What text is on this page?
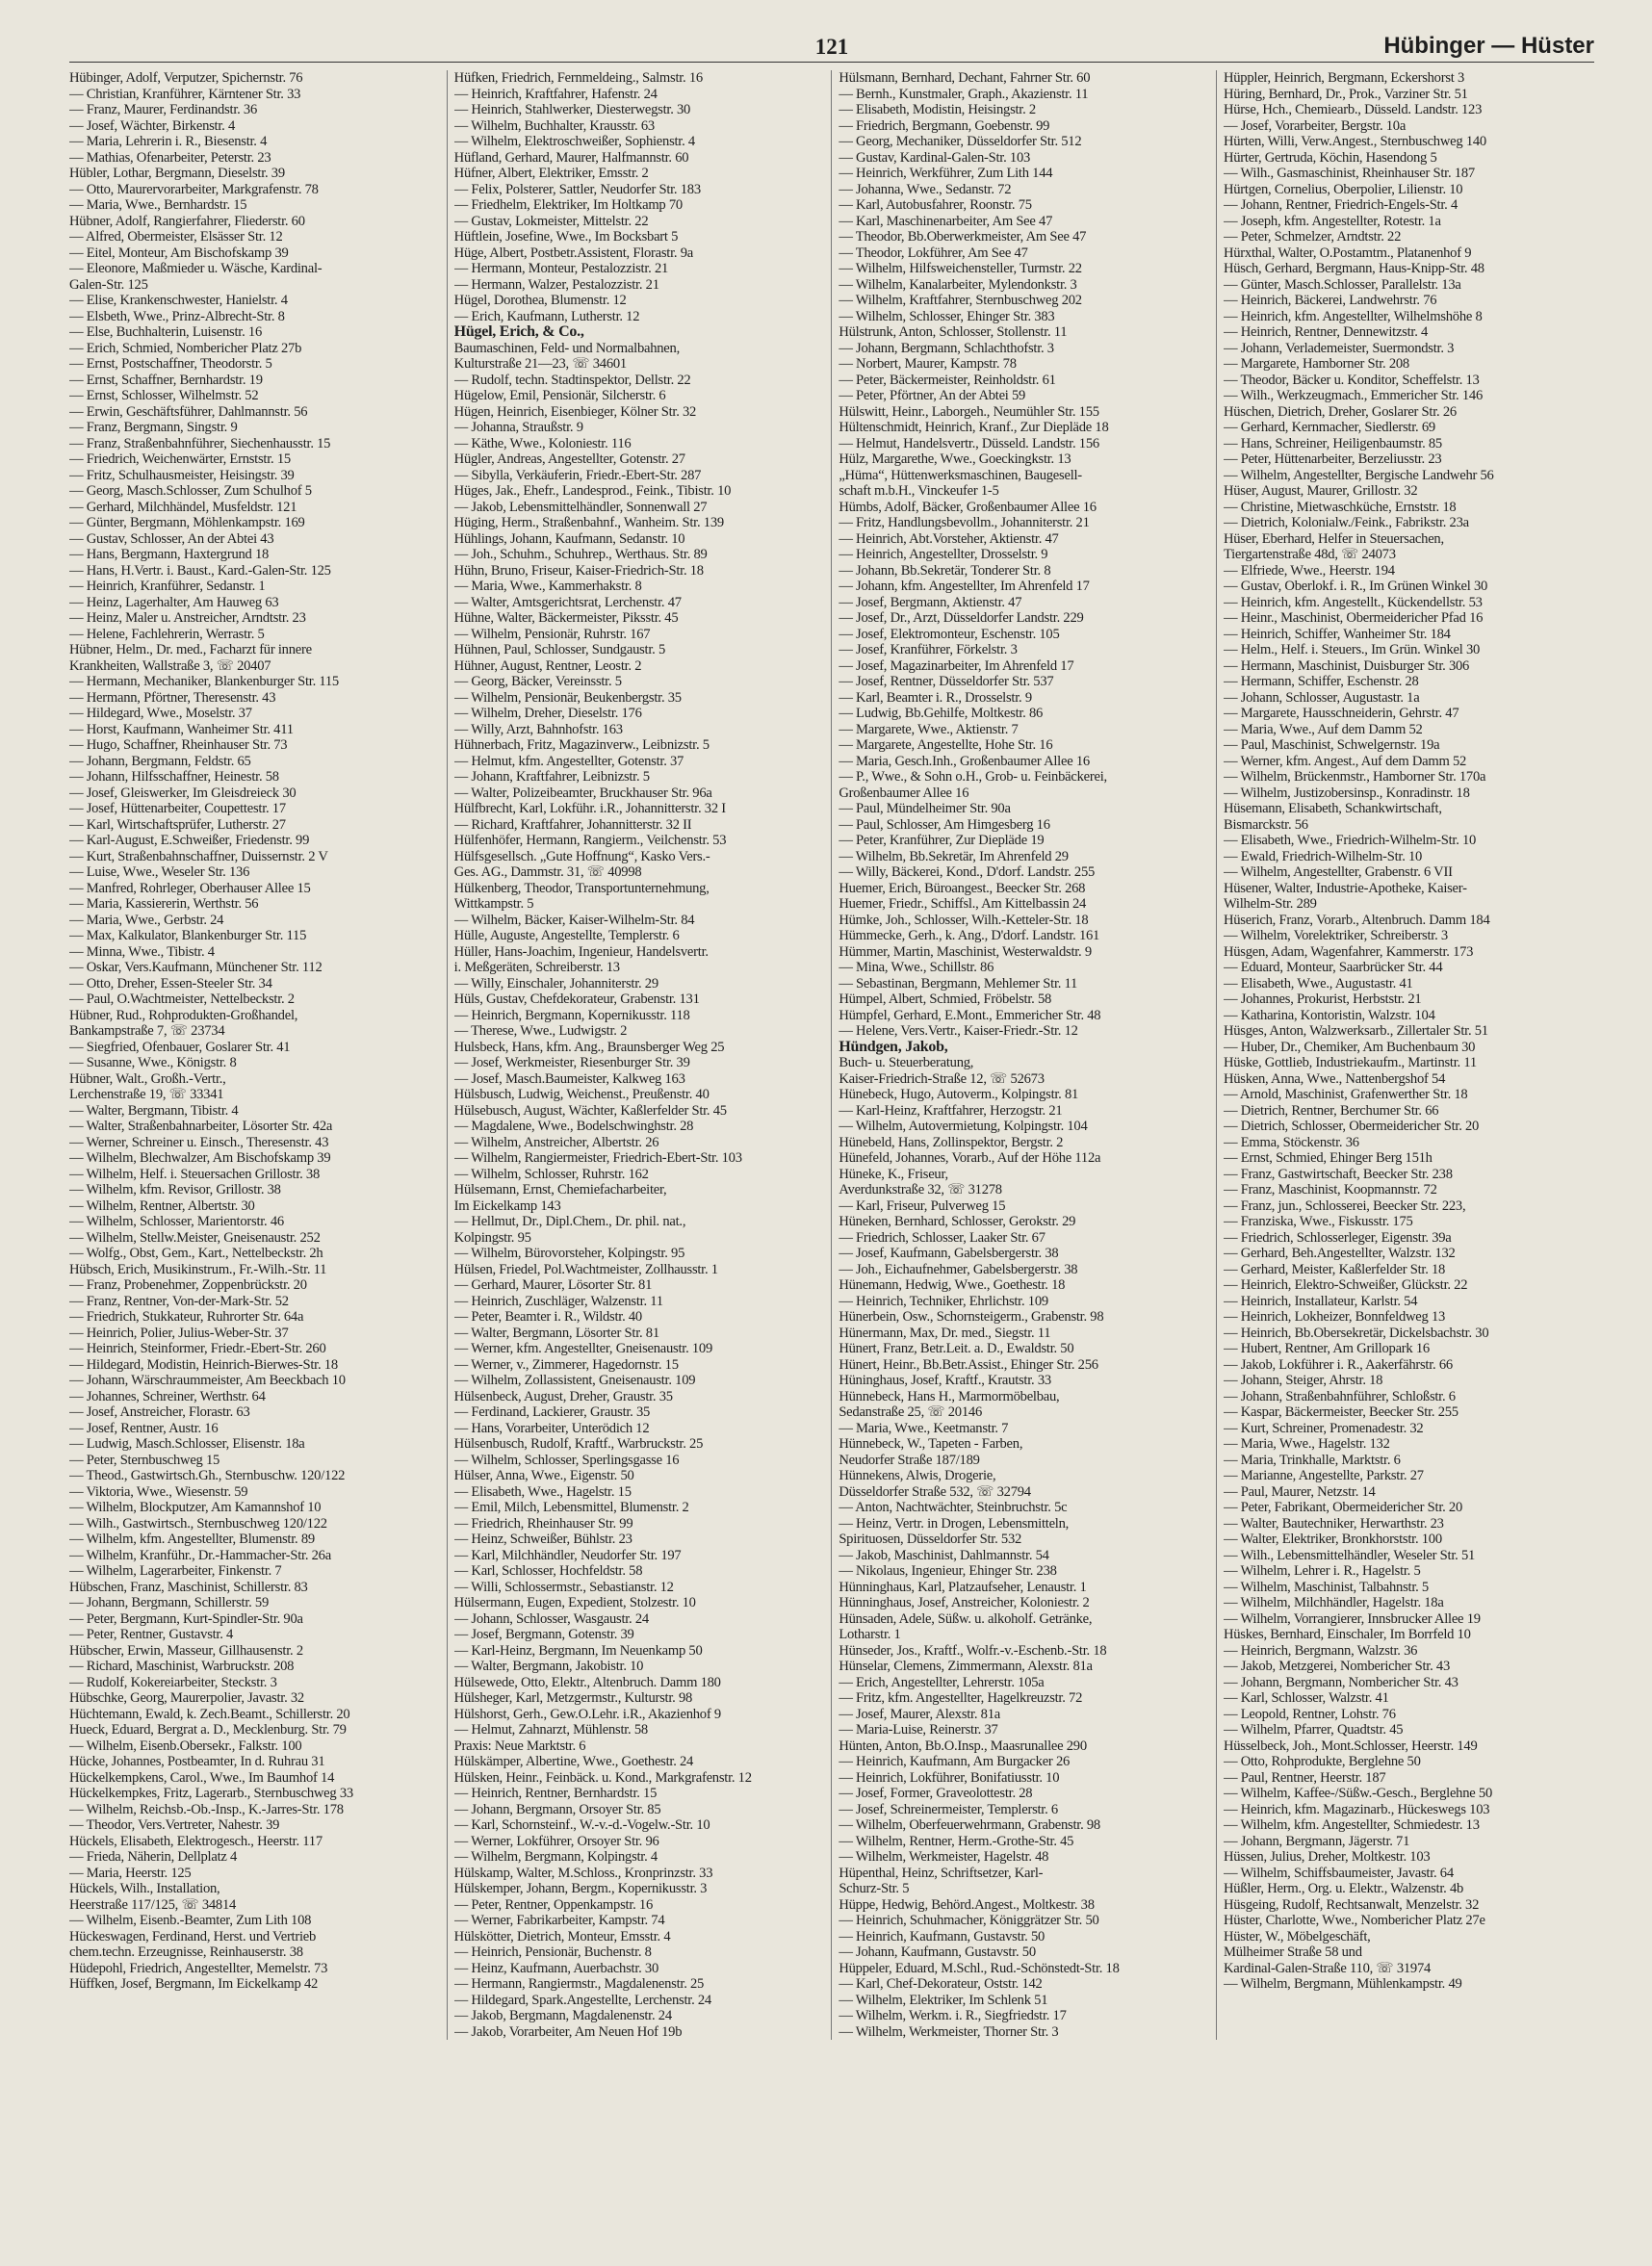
121	Hübinger — Hüster
Hübinger, Adolf, Verputzer, Spichernstr. 76
— Christian, Kranführer, Kärntener Str. 33
— Franz, Maurer, Ferdinandstr. 36
— Josef, Wächter, Birkenstr. 4
— Maria, Lehrerin i. R., Biesenstr. 4
— Mathias, Ofenarbeiter, Peterstr. 23
Hübler, Lothar, Bergmann, Dieselstr. 39
— Otto, Maurervorarbeiter, Markgrafenstr. 78
— Maria, Wwe., Bernhardstr. 15
Hübner, Adolf, Rangierfahrer, Fliederstr. 60
— Alfred, Obermeister, Elsässer Str. 12
— Eitel, Monteur, Am Bischofskamp 39
— Eleonore, Maßmieder u. Wäsche, Kardinal-
Galen-Str. 125
— Elise, Krankenschwester, Hanielstr. 4
— Elsbeth, Wwe., Prinz-Albrecht-Str. 8
— Else, Buchhalterin, Luisenstr. 16
— Erich, Schmied, Nombericher Platz 27b
— Ernst, Postschaffner, Theodorstr. 5
— Ernst, Schaffner, Bernhardstr. 19
— Ernst, Schlosser, Wilhelmstr. 52
— Erwin, Geschäftsführer, Dahlmannstr. 56
— Franz, Bergmann, Singstr. 9
— Franz, Straßenbahnführer, Siechenhausstr. 15
— Friedrich, Weichenwärter, Ernststr. 15
— Fritz, Schulhausmeister, Heisingstr. 39
— Georg, Masch.Schlosser, Zum Schulhof 5
— Gerhard, Milchhändel, Musfeldstr. 121
— Günter, Bergmann, Möhlenkampstr. 169
— Gustav, Schlosser, An der Abtei 43
— Hans, Bergmann, Haxtergrund 18
— Hans, H.Vertr. i. Baust., Kard.-Galen-Str. 125
— Heinrich, Kranführer, Sedanstr. 1
— Heinz, Lagerhalter, Am Hauweg 63
— Heinz, Maler u. Anstreicher, Arndtstr. 23
— Helene, Fachlehrerin, Werrastr. 5
Hübner, Helm., Dr. med., Facharzt für innere
Krankheiten, Wallstraße 3, ☏ 20407
— Hermann, Mechaniker, Blankenburger Str. 115
— Hermann, Pförtner, Theresenstr. 43
— Hildegard, Wwe., Moselstr. 37
— Horst, Kaufmann, Wanheimer Str. 411
— Hugo, Schaffner, Rheinhauser Str. 73
— Johann, Bergmann, Feldstr. 65
— Johann, Hilfsschaffner, Heinestr. 58
— Josef, Gleiswerker, Im Gleisdreieck 30
— Josef, Hüttenarbeiter, Coupettestr. 17
— Karl, Wirtschaftsprüfer, Lutherstr. 27
— Karl-August, E.Schweißer, Friedenstr. 99
— Kurt, Straßenbahnschaffner, Duissernstr. 2 V
— Luise, Wwe., Weseler Str. 136
— Manfred, Rohrleger, Oberhauser Allee 15
— Maria, Kassiererin, Werthstr. 56
— Maria, Wwe., Gerbstr. 24
— Max, Kalkulator, Blankenburger Str. 115
— Minna, Wwe., Tibistr. 4
— Oskar, Vers.Kaufmann, Münchener Str. 112
— Otto, Dreher, Essen-Steeler Str. 34
— Paul, O.Wachtmeister, Nettelbeckstr. 2
Hübner, Rud., Rohprodukten-Großhandel,
Bankampstraße 7, ☏ 23734
— Siegfried, Ofenbauer, Goslarer Str. 41
— Susanne, Wwe., Königstr. 8
Hübner, Walt., Großh.-Vertr.,
Lerchenstraße 19, ☏ 33341
— Walter, Bergmann, Tibistr. 4
— Walter, Straßenbahnarbeiter, Lösorter Str. 42a
— Werner, Schreiner u. Einsch., Theresenstr. 43
— Wilhelm, Blechwalzer, Am Bischofskamp 39
— Wilhelm, Helf. i. Steuersachen Grillostr. 38
— Wilhelm, kfm. Revisor, Grillostr. 38
— Wilhelm, Rentner, Albertstr. 30
— Wilhelm, Schlosser, Marientorstr. 46
— Wilhelm, Stellw.Meister, Gneisenaustr. 252
— Wolfg., Obst, Gem., Kart., Nettelbeckstr. 2h
Hübsch, Erich, Musikinstrum., Fr.-Wilh.-Str. 11
— Franz, Probenehmer, Zoppenbrückstr. 20
— Franz, Rentner, Von-der-Mark-Str. 52
— Friedrich, Stukkateur, Ruhrorter Str. 64a
— Heinrich, Polier, Julius-Weber-Str. 37
— Heinrich, Steinformer, Friedr.-Ebert-Str. 260
— Hildegard, Modistin, Heinrich-Bierwes-Str. 18
— Johann, Wärschraummeister, Am Beeckbach 10
— Johannes, Schreiner, Werthstr. 64
— Josef, Anstreicher, Florastr. 63
— Josef, Rentner, Austr. 16
— Ludwig, Masch.Schlosser, Elisenstr. 18a
— Peter, Sternbuschweg 15
— Theod., Gastwirtsch.Gh., Sternbuschw. 120/122
— Viktoria, Wwe., Wiesenstr. 59
— Wilhelm, Blockputzer, Am Kamannshof 10
— Wilh., Gastwirtsch., Sternbuschweg 120/122
— Wilhelm, kfm. Angestellter, Blumenstr. 89
— Wilhelm, Kranführ., Dr.-Hammacher-Str. 26a
— Wilhelm, Lagerarbeiter, Finkenstr. 7
Hübschen, Franz, Maschinist, Schillerstr. 83
— Johann, Bergmann, Schillerstr. 59
— Peter, Bergmann, Kurt-Spindler-Str. 90a
— Peter, Rentner, Gustavstr. 4
Hübscher, Erwin, Masseur, Gillhausenstr. 2
— Richard, Maschinist, Warbruckstr. 208
— Rudolf, Kokereiarbeiter, Steckstr. 3
Hübschke, Georg, Maurerpolier, Javastr. 32
Hüchtemann, Ewald, k. Zech.Beamt., Schillerstr. 20
Hueck, Eduard, Bergrat a. D., Mecklenburg. Str. 79
— Wilhelm, Eisenb.Obersekr., Falkstr. 100
Hücke, Johannes, Postbeamter, In d. Ruhrau 31
Hückelkempkens, Carol., Wwe., Im Baumhof 14
Hückelkempkes, Fritz, Lagerarb., Sternbuschweg 33
— Wilhelm, Reichsb.-Ob.-Insp., K.-Jarres-Str. 178
— Theodor, Vers.Vertreter, Nahestr. 39
Hückels, Elisabeth, Elektrogesch., Heerstr. 117
— Frieda, Näherin, Dellplatz 4
— Maria, Heerstr. 125
Hückels, Wilh., Installation,
Heerstraße 117/125, ☏ 34814
— Wilhelm, Eisenb.-Beamter, Zum Lith 108
Hückeswagen, Ferdinand, Herst. und Vertrieb
chem.techn. Erzeugnisse, Reinhauserstr. 38
Hüdepohl, Friedrich, Angestellter, Memelstr. 73
Hüffken, Josef, Bergmann, Im Eickelkamp 42
Hüfken, Friedrich, Fernmeldeing., Salmstr. 16
— Heinrich, Kraftfahrer, Hafenstr. 24
— Heinrich, Stahlwerker, Diesterwegstr. 30
— Wilhelm, Buchhalter, Krausstr. 63
— Wilhelm, Elektroschweißer, Sophienstr. 4
Hüfland, Gerhard, Maurer, Halfmannstr. 60
Hüfner, Albert, Elektriker, Emsstr. 2
— Felix, Polsterer, Sattler, Neudorfer Str. 183
— Friedhelm, Elektriker, Im Holtkamp 70
— Gustav, Lokmeister, Mittelstr. 22
Hüftlein, Josefine, Wwe., Im Bocksbart 5
Hüge, Albert, Postbetr.Assistent, Florastr. 9a
— Hermann, Monteur, Pestalozzistr. 21
— Hermann, Walzer, Pestalozzistr. 21
Hügel, Dorothea, Blumenstr. 12
— Erich, Kaufmann, Lutherstr. 12
Hügel, Erich, & Co.,
Baumaschinen, Feld- und Normalbahnen,
Kulturstraße 21—23, ☏ 34601
— Rudolf, techn. Stadtinspektor, Dellstr. 22
Hügelow, Emil, Pensionär, Silcherstr. 6
Hügen, Heinrich, Eisenbieger, Kölner Str. 32
— Johanna, Straußstr. 9
— Käthe, Wwe., Koloniestr. 116
Hügler, Andreas, Angestellter, Gotenstr. 27
— Sibylla, Verkäuferin, Friedr.-Ebert-Str. 287
Hüges, Jak., Ehefr., Landesprod., Feink., Tibistr. 10
— Jakob, Lebensmittelhändler, Sonnenwall 27
Hüging, Herm., Straßenbahnf., Wanheim. Str. 139
Hühlings, Johann, Kaufmann, Sedanstr. 10
— Joh., Schuhm., Schuhrep., Werthaus. Str. 89
Hühn, Bruno, Friseur, Kaiser-Friedrich-Str. 18
— Maria, Wwe., Kammerhakstr. 8
— Walter, Amtsgerichtsrat, Lerchenstr. 47
Hühne, Walter, Bäckermeister, Piksstr. 45
— Wilhelm, Pensionär, Ruhrstr. 167
Hühnen, Paul, Schlosser, Sundgaustr. 5
Hühner, August, Rentner, Leostr. 2
— Georg, Bäcker, Vereinsstr. 5
— Wilhelm, Pensionär, Beukenbergstr. 35
— Wilhelm, Dreher, Dieselstr. 176
— Willy, Arzt, Bahnhofstr. 163
Hühnerbach, Fritz, Magazinverw., Leibnizstr. 5
— Helmut, kfm. Angestellter, Gotenstr. 37
— Johann, Kraftfahrer, Leibnizstr. 5
— Walter, Polizeibeamter, Bruckhauser Str. 96a
Hülfbrecht, Karl, Lokführ. i.R., Johannitterstr. 32 I
— Richard, Kraftfahrer, Johannitterstr. 32 II
Hülfenhöfer, Hermann, Rangierm., Veilchenstr. 53
Hülfsgesellsch. „Gute Hoffnung“, Kasko Vers.-
Ges. AG., Dammstr. 31, ☏ 40998
Hülkenberg, Theodor, Transportunternehmung,
Wittkampstr. 5
— Wilhelm, Bäcker, Kaiser-Wilhelm-Str. 84
Hülle, Auguste, Angestellte, Templerstr. 6
Hüller, Hans-Joachim, Ingenieur, Handelsvertr.
i. Meßgeräten, Schreiberstr. 13
— Willy, Einschaler, Johanniterstr. 29
Hüls, Gustav, Chefdekorateur, Grabenstr. 131
— Heinrich, Bergmann, Kopernikusstr. 118
— Therese, Wwe., Ludwigstr. 2
Hulsbeck, Hans, kfm. Ang., Braunsberger Weg 25
— Josef, Werkmeister, Riesenburger Str. 39
— Josef, Masch.Baumeister, Kalkweg 163
Hülsbusch, Ludwig, Weichenst., Preußenstr. 40
Hülsebusch, August, Wächter, Kaßlerfelder Str. 45
— Magdalene, Wwe., Bodelschwinghstr. 28
— Wilhelm, Anstreicher, Albertstr. 26
— Wilhelm, Rangiermeister, Friedrich-Ebert-Str. 103
— Wilhelm, Schlosser, Ruhrstr. 162
Hülsemann, Ernst, Chemiefacharbeiter,
Im Eickelkamp 143
— Hellmut, Dr., Dipl.Chem., Dr. phil. nat.,
Kolpingstr. 95
— Wilhelm, Bürovorsteher, Kolpingstr. 95
Hülsen, Friedel, Pol.Wachtmeister, Zollhausstr. 1
— Gerhard, Maurer, Lösorter Str. 81
— Heinrich, Zuschläger, Walzenstr. 11
— Peter, Beamter i. R., Wildstr. 40
— Walter, Bergmann, Lösorter Str. 81
— Werner, kfm. Angestellter, Gneisenaustr. 109
— Werner, v., Zimmerer, Hagedornstr. 15
— Wilhelm, Zollassistent, Gneisenaustr. 109
Hülsenbeck, August, Dreher, Graustr. 35
— Ferdinand, Lackierer, Graustr. 35
— Hans, Vorarbeiter, Unterödich 12
Hülsenbusch, Rudolf, Kraftf., Warbruckstr. 25
— Wilhelm, Schlosser, Sperlingsgasse 16
Hülser, Anna, Wwe., Eigenstr. 50
— Elisabeth, Wwe., Hagelstr. 15
— Emil, Milch, Lebensmittel, Blumenstr. 2
— Friedrich, Rheinhauser Str. 99
— Heinz, Schweißer, Bühlstr. 23
— Karl, Milchhändler, Neudorfer Str. 197
— Karl, Schlosser, Hochfeldstr. 58
— Willi, Schlossermstr., Sebastianstr. 12
Hülsermann, Eugen, Expedient, Stolzestr. 10
— Johann, Schlosser, Wasgaustr. 24
— Josef, Bergmann, Gotenstr. 39
— Karl-Heinz, Bergmann, Im Neuenkamp 50
— Walter, Bergmann, Jakobistr. 10
Hülsewede, Otto, Elektr., Altenbruch. Damm 180
Hülsheger, Karl, Metzgermstr., Kulturstr. 98
Hülshorst, Gerh., Gew.O.Lehr. i.R., Akazienhof 9
— Helmut, Zahnarzt, Mühlenstr. 58
Praxis: Neue Marktstr. 6
Hülskämper, Albertine, Wwe., Goethestr. 24
Hülsken, Heinr., Feinbäck. u. Kond., Markgrafenstr. 12
— Heinrich, Rentner, Bernhardstr. 15
— Johann, Bergmann, Orsoyer Str. 85
— Karl, Schornsteinf., W.-v.-d.-Vogelw.-Str. 10
— Werner, Lokführer, Orsoyer Str. 96
— Wilhelm, Bergmann, Kolpingstr. 4
Hülskamp, Walter, M.Schloss., Kronprinzstr. 33
Hülskemper, Johann, Bergm., Kopernikusstr. 3
— Peter, Rentner, Oppenkampstr. 16
— Werner, Fabrikarbeiter, Kampstr. 74
Hülskötter, Dietrich, Monteur, Emsstr. 4
— Heinrich, Pensionär, Buchenstr. 8
— Heinz, Kaufmann, Auerbachstr. 30
— Hermann, Rangiermstr., Magdalenenstr. 25
— Hildegard, Spark.Angestellte, Lerchenstr. 24
— Jakob, Bergmann, Magdalenenstr. 24
— Jakob, Vorarbeiter, Am Neuen Hof 19b
Hülsmann, Bernhard, Dechant, Fahrner Str. 60
— Bernh., Kunstmaler, Graph., Akazienstr. 11
— Elisabeth, Modistin, Heisingstr. 2
— Friedrich, Bergmann, Goebenstr. 99
— Georg, Mechaniker, Düsseldorfer Str. 512
— Gustav, Kardinal-Galen-Str. 103
— Heinrich, Werkführer, Zum Lith 144
— Johanna, Wwe., Sedanstr. 72
— Karl, Autobusfahrer, Roonstr. 75
— Karl, Maschinenarbeiter, Am See 47
— Theodor, Bb.Oberwerkmeister, Am See 47
— Theodor, Lokführer, Am See 47
— Wilhelm, Hilfsweichensteller, Turmstr. 22
— Wilhelm, Kanalarbeiter, Mylendonkstr. 3
— Wilhelm, Kraftfahrer, Sternbuschweg 202
— Wilhelm, Schlosser, Ehinger Str. 383
Hülstrunk, Anton, Schlosser, Stollenstr. 11
— Johann, Bergmann, Schlachthofstr. 3
— Norbert, Maurer, Kampstr. 78
— Peter, Bäckermeister, Reinholdstr. 61
— Peter, Pförtner, An der Abtei 59
Hülswitt, Heinr., Laborgeh., Neumühler Str. 155
Hültenschmidt, Heinrich, Kranf., Zur Diepläde 18
— Helmut, Handelsvertr., Düsseld. Landstr. 156
Hülz, Margarethe, Wwe., Goeckingkstr. 13
„Hüma“, Hüttenwerksmaschinen, Baugesell-
schaft m.b.H., Vinckeufer 1-5
Hümbs, Adolf, Bäcker, Großenbaumer Allee 16
— Fritz, Handlungsbevollm., Johanniterstr. 21
— Heinrich, Abt.Vorsteher, Aktienstr. 47
— Heinrich, Angestellter, Drosselstr. 9
— Johann, Bb.Sekretär, Tonderer Str. 8
— Johann, kfm. Angestellter, Im Ahrenfeld 17
— Josef, Bergmann, Aktienstr. 47
— Josef, Dr., Arzt, Düsseldorfer Landstr. 229
— Josef, Elektromonteur, Eschenstr. 105
— Josef, Kranführer, Förkelstr. 3
— Josef, Magazinarbeiter, Im Ahrenfeld 17
— Josef, Rentner, Düsseldorfer Str. 537
— Karl, Beamter i. R., Drosselstr. 9
— Ludwig, Bb.Gehilfe, Moltkestr. 86
— Margarete, Wwe., Aktienstr. 7
— Margarete, Angestellte, Hohe Str. 16
— Maria, Gesch.Inh., Großenbaumer Allee 16
— P., Wwe., & Sohn o.H., Grob- u. Feinbäckerei,
Großenbaumer Allee 16
— Paul, Mündelheimer Str. 90a
— Paul, Schlosser, Am Himgesberg 16
— Peter, Kranführer, Zur Diepläde 19
— Wilhelm, Bb.Sekretär, Im Ahrenfeld 29
— Willy, Bäckerei, Kond., D'dorf. Landstr. 255
Huemer, Erich, Büroangest., Beecker Str. 268
Huemer, Friedr., Schiffsl., Am Kittelbassin 24
Hümke, Joh., Schlosser, Wilh.-Ketteler-Str. 18
Hümmecke, Gerh., k. Ang., D'dorf. Landstr. 161
Hümmer, Martin, Maschinist, Westerwaldstr. 9
— Mina, Wwe., Schillstr. 86
— Sebastinan, Bergmann, Mehlemer Str. 11
Hümpel, Albert, Schmied, Fröbelstr. 58
Hümpfel, Gerhard, E.Mont., Emmericher Str. 48
— Helene, Vers.Vertr., Kaiser-Friedr.-Str. 12
Hündgen, Jakob,
Buch- u. Steuerberatung,
Kaiser-Friedrich-Straße 12, ☏ 52673
Hünebeck, Hugo, Autoverm., Kolpingstr. 81
— Karl-Heinz, Kraftfahrer, Herzogstr. 21
— Wilhelm, Autovermietung, Kolpingstr. 104
Hünebeld, Hans, Zollinspektor, Bergstr. 2
Hünefeld, Johannes, Vorarb., Auf der Höhe 112a
Hüneke, K., Friseur,
Averdunkstraße 32, ☏ 31278
— Karl, Friseur, Pulverweg 15
Hüneken, Bernhard, Schlosser, Gerokstr. 29
— Friedrich, Schlosser, Laaker Str. 67
— Josef, Kaufmann, Gabelsbergerstr. 38
— Joh., Eichaufnehmer, Gabelsbergerstr. 38
Hünemann, Hedwig, Wwe., Goethestr. 18
— Heinrich, Techniker, Ehrlichstr. 109
Hünerbein, Osw., Schornsteigerm., Grabenstr. 98
Hünermann, Max, Dr. med., Siegstr. 11
Hünert, Franz, Betr.Leit. a. D., Ewaldstr. 50
Hünert, Heinr., Bb.Betr.Assist., Ehinger Str. 256
Hüninghaus, Josef, Kraftf., Krautstr. 33
Hünnebeck, Hans H., Marmormöbelbau,
Sedanstraße 25, ☏ 20146
— Maria, Wwe., Keetmanstr. 7
Hünnebeck, W., Tapeten - Farben,
Neudorfer Straße 187/189
Hünnekens, Alwis, Drogerie,
Düsseldorfer Straße 532, ☏ 32794
— Anton, Nachtwächter, Steinbruchstr. 5c
— Heinz, Vertr. in Drogen, Lebensmitteln,
Spirituosen, Düsseldorfer Str. 532
— Jakob, Maschinist, Dahlmannstr. 54
— Nikolaus, Ingenieur, Ehinger Str. 238
Hünninghaus, Karl, Platzaufseher, Lenaustr. 1
Hünninghaus, Josef, Anstreicher, Koloniestr. 2
Hünsaden, Adele, Süßw. u. alkoholf. Getränke,
Lotharstr. 1
Hünseder, Jos., Kraftf., Wolfr.-v.-Eschenb.-Str. 18
Hünselar, Clemens, Zimmermann, Alexstr. 81a
— Erich, Angestellter, Lehrerstr. 105a
— Fritz, kfm. Angestellter, Hagelkreuzstr. 72
— Josef, Maurer, Alexstr. 81a
— Maria-Luise, Reinerstr. 37
Hünten, Anton, Bb.O.Insp., Maasrunallee 290
— Heinrich, Kaufmann, Am Burgacker 26
— Heinrich, Lokführer, Bonifatiusstr. 10
— Josef, Former, Graveolottestr. 28
— Josef, Schreinermeister, Templerstr. 6
— Wilhelm, Oberfeuerwehrmann, Grabenstr. 98
— Wilhelm, Rentner, Herm.-Grothe-Str. 45
— Wilhelm, Werkmeister, Hagelstr. 48
Hüpenthal, Heinz, Schriftsetzer, Karl-
Schurz-Str. 5
Hüppe, Hedwig, Behörd.Angest., Moltkestr. 38
— Heinrich, Schuhmacher, Königgrätzer Str. 50
— Heinrich, Kaufmann, Gustavstr. 50
— Johann, Kaufmann, Gustavstr. 50
Hüppeler, Eduard, M.Schl., Rud.-Schönstedt-Str. 18
— Karl, Chef-Dekorateur, Oststr. 142
— Wilhelm, Elektriker, Im Schlenk 51
— Wilhelm, Werkm. i. R., Siegfriedstr. 17
— Wilhelm, Werkmeister, Thorner Str. 3
Hüppler, Heinrich, Bergmann, Eckershorst 3
Hüring, Bernhard, Dr., Prok., Varziner Str. 51
Hürse, Hch., Chemiearb., Düsseld. Landstr. 123
— Josef, Vorarbeiter, Bergstr. 10a
Hürten, Willi, Verw.Angest., Sternbuschweg 140
Hürter, Gertruda, Köchin, Hasendong 5
— Wilh., Gasmaschinist, Rheinhauser Str. 187
Hürtgen, Cornelius, Oberpolier, Lilienstr. 10
— Johann, Rentner, Friedrich-Engels-Str. 4
— Joseph, kfm. Angestellter, Rotestr. 1a
— Peter, Schmelzer, Arndtstr. 22
Hürxthal, Walter, O.Postamtm., Platanenhof 9
Hüsch, Gerhard, Bergmann, Haus-Knipp-Str. 48
— Günter, Masch.Schlosser, Parallelstr. 13a
— Heinrich, Bäckerei, Landwehrstr. 76
— Heinrich, kfm. Angestellter, Wilhelmshöhe 8
— Heinrich, Rentner, Dennewitzstr. 4
— Johann, Verlademeister, Suermondstr. 3
— Margarete, Hamborner Str. 208
— Theodor, Bäcker u. Konditor, Scheffelstr. 13
— Wilh., Werkzeugmach., Emmericher Str. 146
Hüschen, Dietrich, Dreher, Goslarer Str. 26
— Gerhard, Kernmacher, Siedlerstr. 69
— Hans, Schreiner, Heiligenbaumstr. 85
— Peter, Hüttenarbeiter, Berzeliusstr. 23
— Wilhelm, Angestellter, Bergische Landwehr 56
Hüser, August, Maurer, Grillostr. 32
— Christine, Mietwaschküche, Ernststr. 18
— Dietrich, Kolonialw./Feink., Fabrikstr. 23a
Hüser, Eberhard, Helfer in Steuersachen,
Tiergartenstraße 48d, ☏ 24073
— Elfriede, Wwe., Heerstr. 194
— Gustav, Oberlokf. i. R., Im Grünen Winkel 30
— Heinrich, kfm. Angestellt., Kückendellstr. 53
— Heinr., Maschinist, Obermeidericher Pfad 16
— Heinrich, Schiffer, Wanheimer Str. 184
— Helm., Helf. i. Steuers., Im Grün. Winkel 30
— Hermann, Maschinist, Duisburger Str. 306
— Hermann, Schiffer, Eschenstr. 28
— Johann, Schlosser, Augustastr. 1a
— Margarete, Hausschneiderin, Gehrstr. 47
— Maria, Wwe., Auf dem Damm 52
— Paul, Maschinist, Schwelgernstr. 19a
— Werner, kfm. Angest., Auf dem Damm 52
— Wilhelm, Brückenmstr., Hamborner Str. 170a
— Wilhelm, Justizobersinsp., Konradinstr. 18
Hüsemann, Elisabeth, Schankwirtschaft,
Bismarckstr. 56
— Elisabeth, Wwe., Friedrich-Wilhelm-Str. 10
— Ewald, Friedrich-Wilhelm-Str. 10
— Wilhelm, Angestellter, Grabenstr. 6 VII
Hüsener, Walter, Industrie-Apotheke, Kaiser-
Wilhelm-Str. 289
Hüserich, Franz, Vorarb., Altenbruch. Damm 184
— Wilhelm, Vorelektriker, Schreiberstr. 3
Hüsgen, Adam, Wagenfahrer, Kammerstr. 173
— Eduard, Monteur, Saarbrücker Str. 44
— Elisabeth, Wwe., Augustastr. 41
— Johannes, Prokurist, Herbststr. 21
— Katharina, Kontoristin, Walzstr. 104
Hüsges, Anton, Walzwerksarb., Zillertaler Str. 51
— Huber, Dr., Chemiker, Am Buchenbaum 30
Hüske, Gottlieb, Industriekaufm., Martinstr. 11
Hüsken, Anna, Wwe., Nattenbergshof 54
— Arnold, Maschinist, Grafenwerther Str. 18
— Dietrich, Rentner, Berchumer Str. 66
— Dietrich, Schlosser, Obermeidericher Str. 20
— Emma, Stöckenstr. 36
— Ernst, Schmied, Ehinger Berg 151h
— Franz, Gastwirtschaft, Beecker Str. 238
— Franz, Maschinist, Koopmannstr. 72
— Franz, jun., Schlosserei, Beecker Str. 223,
— Franziska, Wwe., Fiskusstr. 175
— Friedrich, Schlosserleger, Eigenstr. 39a
— Gerhard, Beh.Angestellter, Walzstr. 132
— Gerhard, Meister, Kaßlerfelder Str. 18
— Heinrich, Elektro-Schweißer, Glückstr. 22
— Heinrich, Installateur, Karlstr. 54
— Heinrich, Lokheizer, Bonnfeldweg 13
— Heinrich, Bb.Obersekretär, Dickelsbachstr. 30
— Hubert, Rentner, Am Grillopark 16
— Jakob, Lokführer i. R., Aakerfährstr. 66
— Johann, Steiger, Ahrstr. 18
— Johann, Straßenbahnführer, Schloßstr. 6
— Kaspar, Bäckermeister, Beecker Str. 255
— Kurt, Schreiner, Promenadestr. 32
— Maria, Wwe., Hagelstr. 132
— Maria, Trinkhalle, Marktstr. 6
— Marianne, Angestellte, Parkstr. 27
— Paul, Maurer, Netzstr. 14
— Peter, Fabrikant, Obermeidericher Str. 20
— Walter, Bautechniker, Herwarthstr. 23
— Walter, Elektriker, Bronkhorststr. 100
— Wilh., Lebensmittelhändler, Weseler Str. 51
— Wilhelm, Lehrer i. R., Hagelstr. 5
— Wilhelm, Maschinist, Talbahnstr. 5
— Wilhelm, Milchhändler, Hagelstr. 18a
— Wilhelm, Vorrangierer, Innsbrucker Allee 19
Hüskes, Bernhard, Einschaler, Im Borrfeld 10
— Heinrich, Bergmann, Walzstr. 36
— Jakob, Metzgerei, Nombericher Str. 43
— Johann, Bergmann, Nombericher Str. 43
— Karl, Schlosser, Walzstr. 41
— Leopold, Rentner, Lohstr. 76
— Wilhelm, Pfarrer, Quadtstr. 45
Hüsselbeck, Joh., Mont.Schlosser, Heerstr. 149
— Otto, Rohprodukte, Berglehne 50
— Paul, Rentner, Heerstr. 187
— Wilhelm, Kaffee-/Süßw.-Gesch., Berglehne 50
— Heinrich, kfm. Magazinarb., Hückeswegs 103
— Wilhelm, kfm. Angestellter, Schmiedestr. 13
— Johann, Bergmann, Jägerstr. 71
Hüssen, Julius, Dreher, Moltkestr. 103
— Wilhelm, Schiffsbaumeister, Javastr. 64
Hüßler, Herm., Org. u. Elektr., Walzenstr. 4b
Hüsgeing, Rudolf, Rechtsanwalt, Menzelstr. 32
Hüster, Charlotte, Wwe., Nombericher Platz 27e
Hüster, W., Möbelgeschäft,
Mülheimer Straße 58 und
Kardinal-Galen-Straße 110, ☏ 31974
— Wilhelm, Bergmann, Mühlenkampstr. 49
